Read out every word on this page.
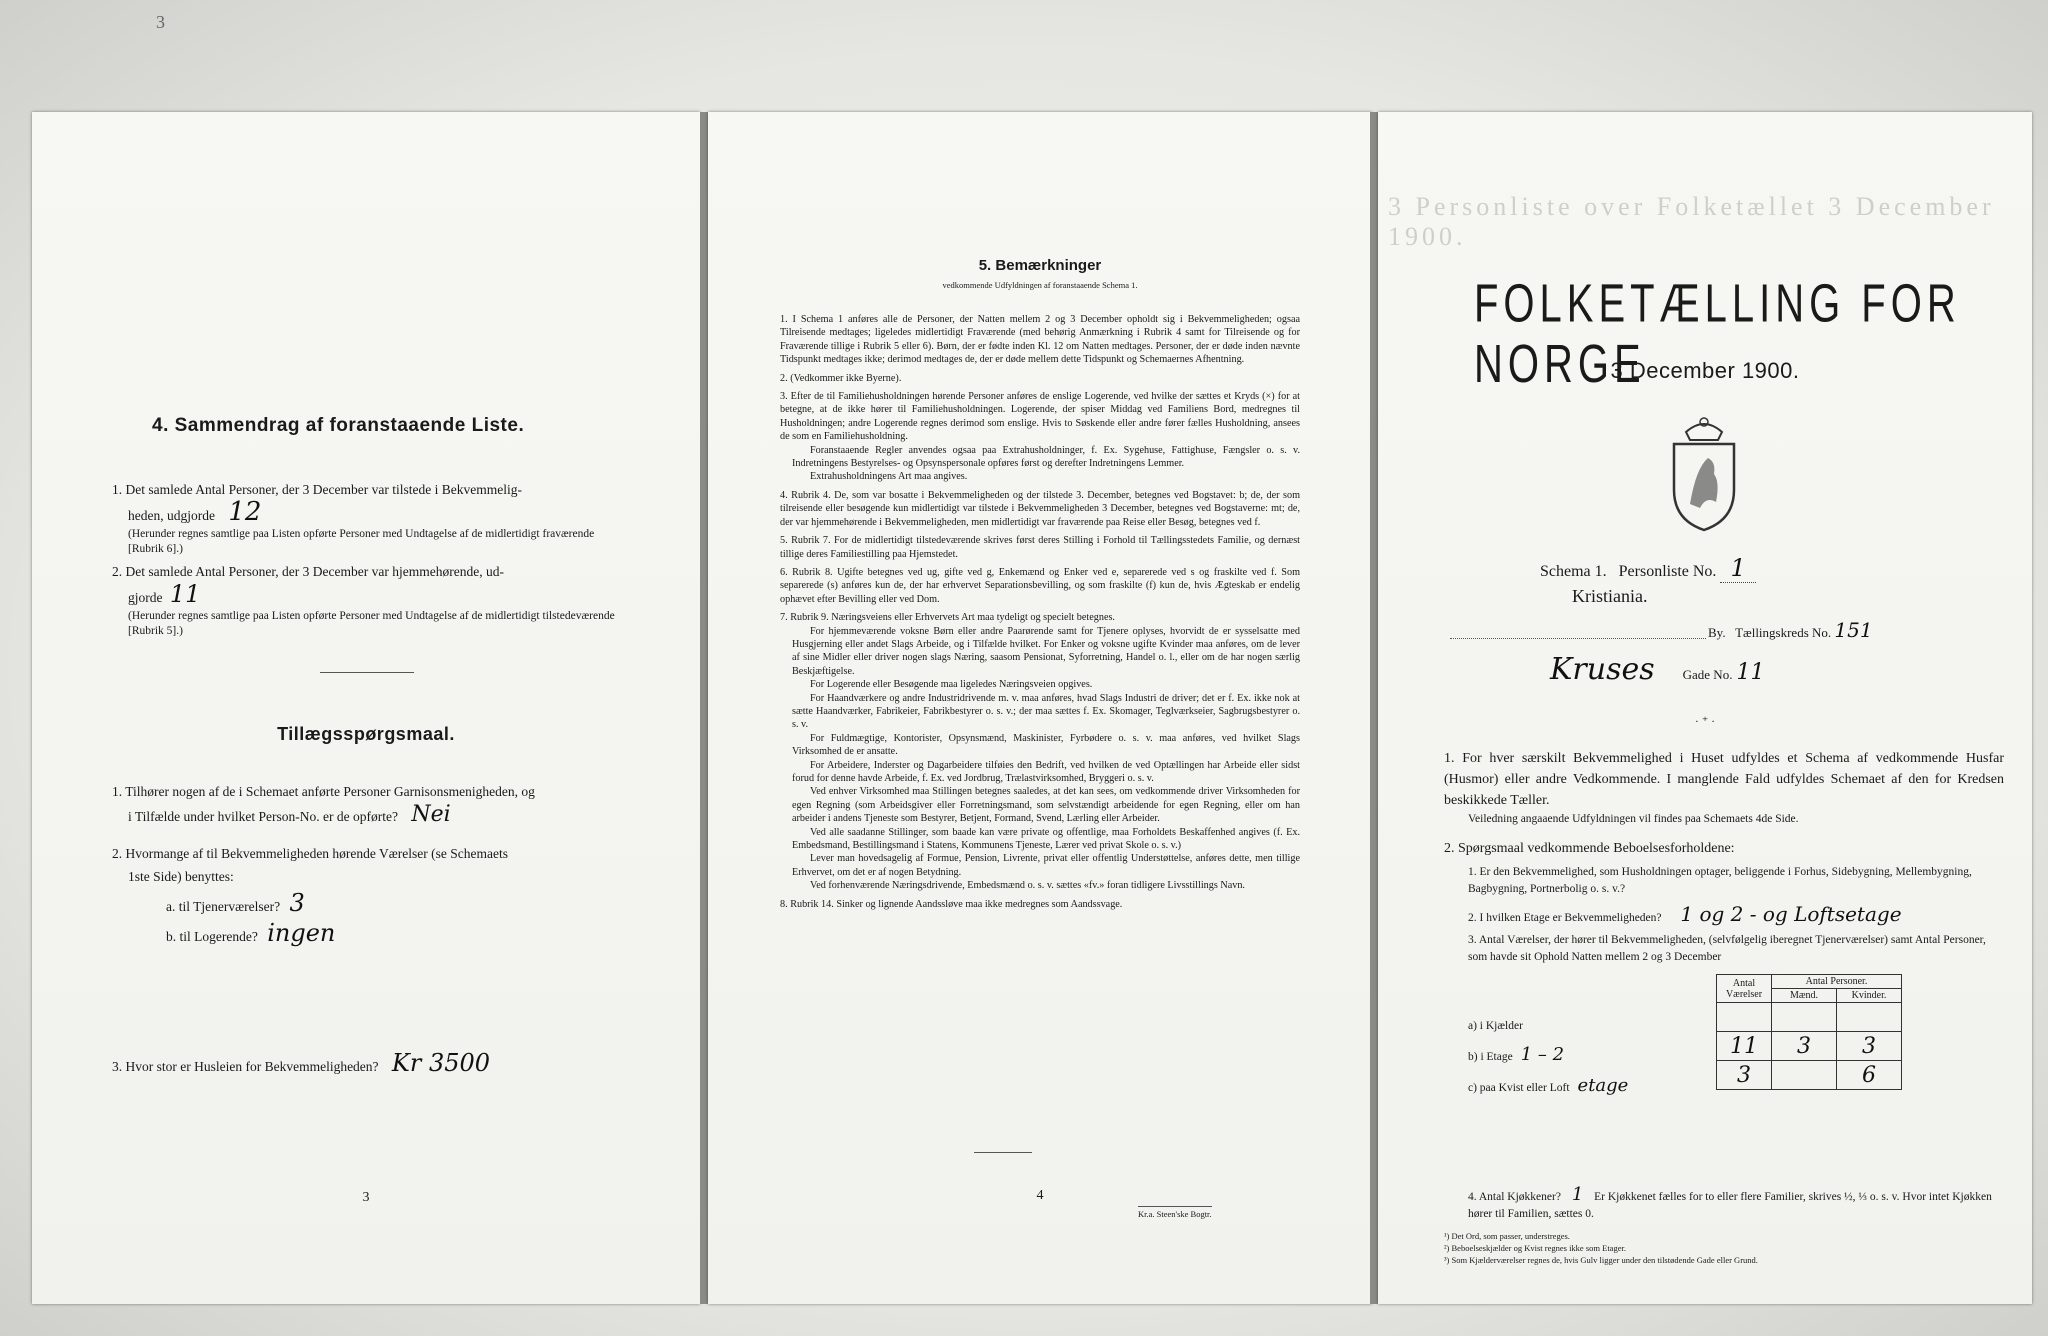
3
4. Sammendrag af foranstaaende Liste.
1. Det samlede Antal Personer, der 3 December var tilstede i Bekvemmelig-
heden, udgjorde 12
(Herunder regnes samtlige paa Listen opførte Personer med Undtagelse af de midlertidigt fraværende [Rubrik 6].)
2. Det samlede Antal Personer, der 3 December var hjemmehørende, ud-
gjorde 11
(Herunder regnes samtlige paa Listen opførte Personer med Undtagelse af de midlertidigt tilstedeværende [Rubrik 5].)
Tillægsspørgsmaal.
1. Tilhører nogen af de i Schemaet anførte Personer Garnisonsmenigheden, og
i Tilfælde under hvilket Person-No. er de opførte? Nei
2. Hvormange af til Bekvemmeligheden hørende Værelser (se Schemaets
1ste Side) benyttes:
a. til Tjenerværelser? 3
b. til Logerende? ingen
3. Hvor stor er Husleien for Bekvemmeligheden? Kr 3500
3
5. Bemærkninger
vedkommende Udfyldningen af foranstaaende Schema 1.
1. I Schema 1 anføres alle de Personer, der Natten mellem 2 og 3 December opholdt sig i Bekvemmeligheden; ogsaa Tilreisende medtages; ligeledes midlertidigt Fraværende (med behørig Anmærkning i Rubrik 4 samt for Tilreisende og for Fraværende tillige i Rubrik 5 eller 6). Børn, der er fødte inden Kl. 12 om Natten medtages. Personer, der er døde inden nævnte Tidspunkt medtages ikke; derimod medtages de, der er døde mellem dette Tidspunkt og Schemaernes Afhentning.
2. (Vedkommer ikke Byerne).
3. Efter de til Familiehusholdningen hørende Personer anføres de enslige Logerende, ved hvilke der sættes et Kryds (×) for at betegne, at de ikke hører til Familiehusholdningen. Logerende, der spiser Middag ved Familiens Bord, medregnes til Husholdningen; andre Logerende regnes derimod som enslige. Hvis to Søskende eller andre fører fælles Husholdning, ansees de som en Familiehusholdning.
Foranstaaende Regler anvendes ogsaa paa Extrahusholdninger, f. Ex. Sygehuse, Fattighuse, Fængsler o. s. v. Indretningens Bestyrelses- og Opsynspersonale opføres først og derefter Indretningens Lemmer.
Extrahusholdningens Art maa angives.
4. Rubrik 4. De, som var bosatte i Bekvemmeligheden og der tilstede 3. December, betegnes ved Bogstavet: b; de, der som tilreisende eller besøgende kun midlertidigt var tilstede i Bekvemmeligheden 3 December, betegnes ved Bogstaverne: mt; de, der var hjemmehørende i Bekvemmeligheden, men midlertidigt var fraværende paa Reise eller Besøg, betegnes ved f.
5. Rubrik 7. For de midlertidigt tilstedeværende skrives først deres Stilling i Forhold til Tællingsstedets Familie, og dernæst tillige deres Familiestilling paa Hjemstedet.
6. Rubrik 8. Ugifte betegnes ved ug, gifte ved g, Enkemænd og Enker ved e, separerede ved s og fraskilte ved f. Som separerede (s) anføres kun de, der har erhvervet Separationsbevilling, og som fraskilte (f) kun de, hvis Ægteskab er endelig ophævet efter Bevilling eller ved Dom.
7. Rubrik 9. Næringsveiens eller Erhvervets Art maa tydeligt og specielt betegnes.
For hjemmeværende voksne Børn eller andre Paarørende samt for Tjenere oplyses, hvorvidt de er sysselsatte med Husgjerning eller andet Slags Arbeide, og i Tilfælde hvilket. For Enker og voksne ugifte Kvinder maa anføres, om de lever af sine Midler eller driver nogen slags Næring, saasom Pensionat, Syforretning, Handel o. l., eller om de har nogen særlig Beskjæftigelse.
For Logerende eller Besøgende maa ligeledes Næringsveien opgives.
For Haandværkere og andre Industridrivende m. v. maa anføres, hvad Slags Industri de driver; det er f. Ex. ikke nok at sætte Haandværker, Fabrikeier, Fabrikbestyrer o. s. v.; der maa sættes f. Ex. Skomager, Teglværkseier, Sagbrugsbestyrer o. s. v.
For Fuldmægtige, Kontorister, Opsynsmænd, Maskinister, Fyrbødere o. s. v. maa anføres, ved hvilket Slags Virksomhed de er ansatte.
For Arbeidere, Inderster og Dagarbeidere tilføies den Bedrift, ved hvilken de ved Optællingen har Arbeide eller sidst forud for denne havde Arbeide, f. Ex. ved Jordbrug, Trælastvirksomhed, Bryggeri o. s. v.
Ved enhver Virksomhed maa Stillingen betegnes saaledes, at det kan sees, om vedkommende driver Virksomheden for egen Regning (som Arbeidsgiver eller Forretningsmand, som selvstændigt arbeidende for egen Regning, eller om han arbeider i andens Tjeneste som Bestyrer, Betjent, Formand, Svend, Lærling eller Arbeider.
Ved alle saadanne Stillinger, som baade kan være private og offentlige, maa Forholdets Beskaffenhed angives (f. Ex. Embedsmand, Bestillingsmand i Statens, Kommunens Tjeneste, Lærer ved privat Skole o. s. v.)
Lever man hovedsagelig af Formue, Pension, Livrente, privat eller offentlig Understøttelse, anføres dette, men tillige Erhvervet, om det er af nogen Betydning.
Ved forhenværende Næringsdrivende, Embedsmænd o. s. v. sættes «fv.» foran tidligere Livsstillings Navn.
8. Rubrik 14. Sinker og lignende Aandssløve maa ikke medregnes som Aandssvage.
4
Kr.a. Steen'ske Bogtr.
3 Personliste over Folketællet 3 December 1900.
FOLKETÆLLING FOR NORGE
3 December 1900.
Schema 1. Personliste No. 1
Kristiania.
By. Tællingskreds No. 151
Kruses Gade No. 11
· ⁺ ·
1. For hver særskilt Bekvemmelighed i Huset udfyldes et Schema af vedkommende Husfar (Husmor) eller andre Vedkommende. I manglende Fald udfyldes Schemaet af den for Kredsen beskikkede Tæller.
Veiledning angaaende Udfyldningen vil findes paa Schemaets 4de Side.
2. Spørgsmaal vedkommende Beboelsesforholdene:
1. Er den Bekvemmelighed, som Husholdningen optager, beliggende i Forhus, Sidebygning, Mellembygning, Bagbygning, Portnerbolig o. s. v.?
2. I hvilken Etage er Bekvemmeligheden? 1 og 2 - og Loftsetage
3. Antal Værelser, der hører til Bekvemmeligheden, (selvfølgelig iberegnet Tjenerværelser) samt Antal Personer, som havde sit Ophold Natten mellem 2 og 3 December
Antal Værelser	Antal Personer.	
	Mænd.	Kvinder.

11	3	3
3		6
a) i Kjælder
b) i Etage 1 – 2
c) paa Kvist eller Loft etage
4. Antal Kjøkkener? 1 Er Kjøkkenet fælles for to eller flere Familier, skrives ½, ⅓ o. s. v. Hvor intet Kjøkken hører til Familien, sættes 0.
¹) Det Ord, som passer, understreges.
²) Beboelseskjælder og Kvist regnes ikke som Etager.
³) Som Kjælderværelser regnes de, hvis Gulv ligger under den tilstødende Gade eller Grund.
